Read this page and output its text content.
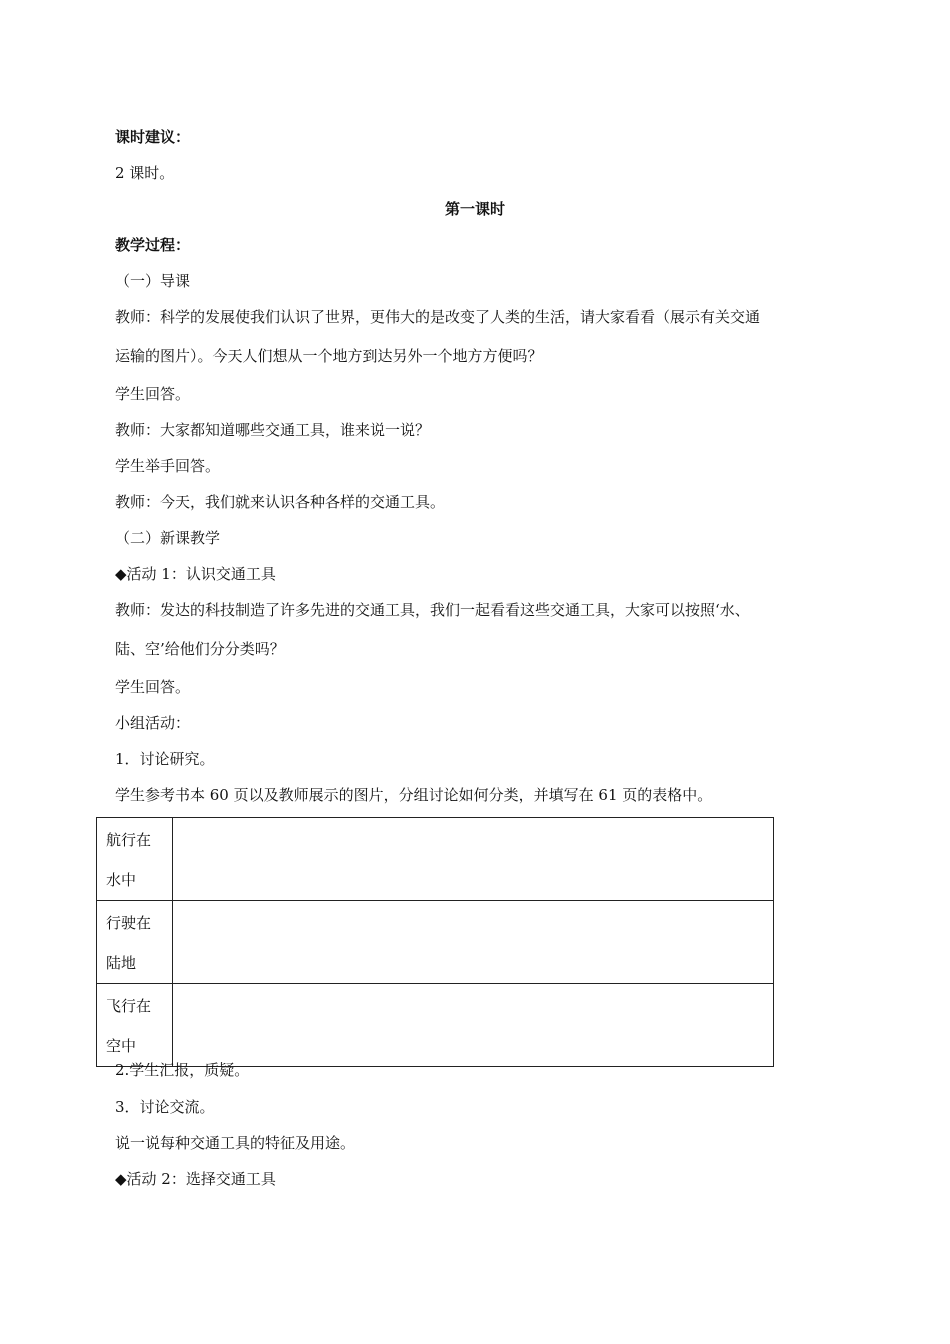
课时建议：
2 课时。
第一课时
教学过程：
（一）导课
教师：科学的发展使我们认识了世界，更伟大的是改变了人类的生活，请大家看看（展示有关交通
运输的图片）。今天人们想从一个地方到达另外一个地方方便吗？
学生回答。
教师：大家都知道哪些交通工具，谁来说一说？
学生举手回答。
教师：今天，我们就来认识各种各样的交通工具。
（二）新课教学
◆活动 1：认识交通工具
教师：发达的科技制造了许多先进的交通工具，我们一起看看这些交通工具，大家可以按照‘水、
陆、空’给他们分分类吗？
学生回答。
小组活动：
1．讨论研究。
学生参考书本 60 页以及教师展示的图片，分组讨论如何分类，并填写在 61 页的表格中。
航行在
水中	
行驶在
陆地	
飞行在
空中	
2.学生汇报，质疑。
3．讨论交流。
说一说每种交通工具的特征及用途。
◆活动 2：选择交通工具
